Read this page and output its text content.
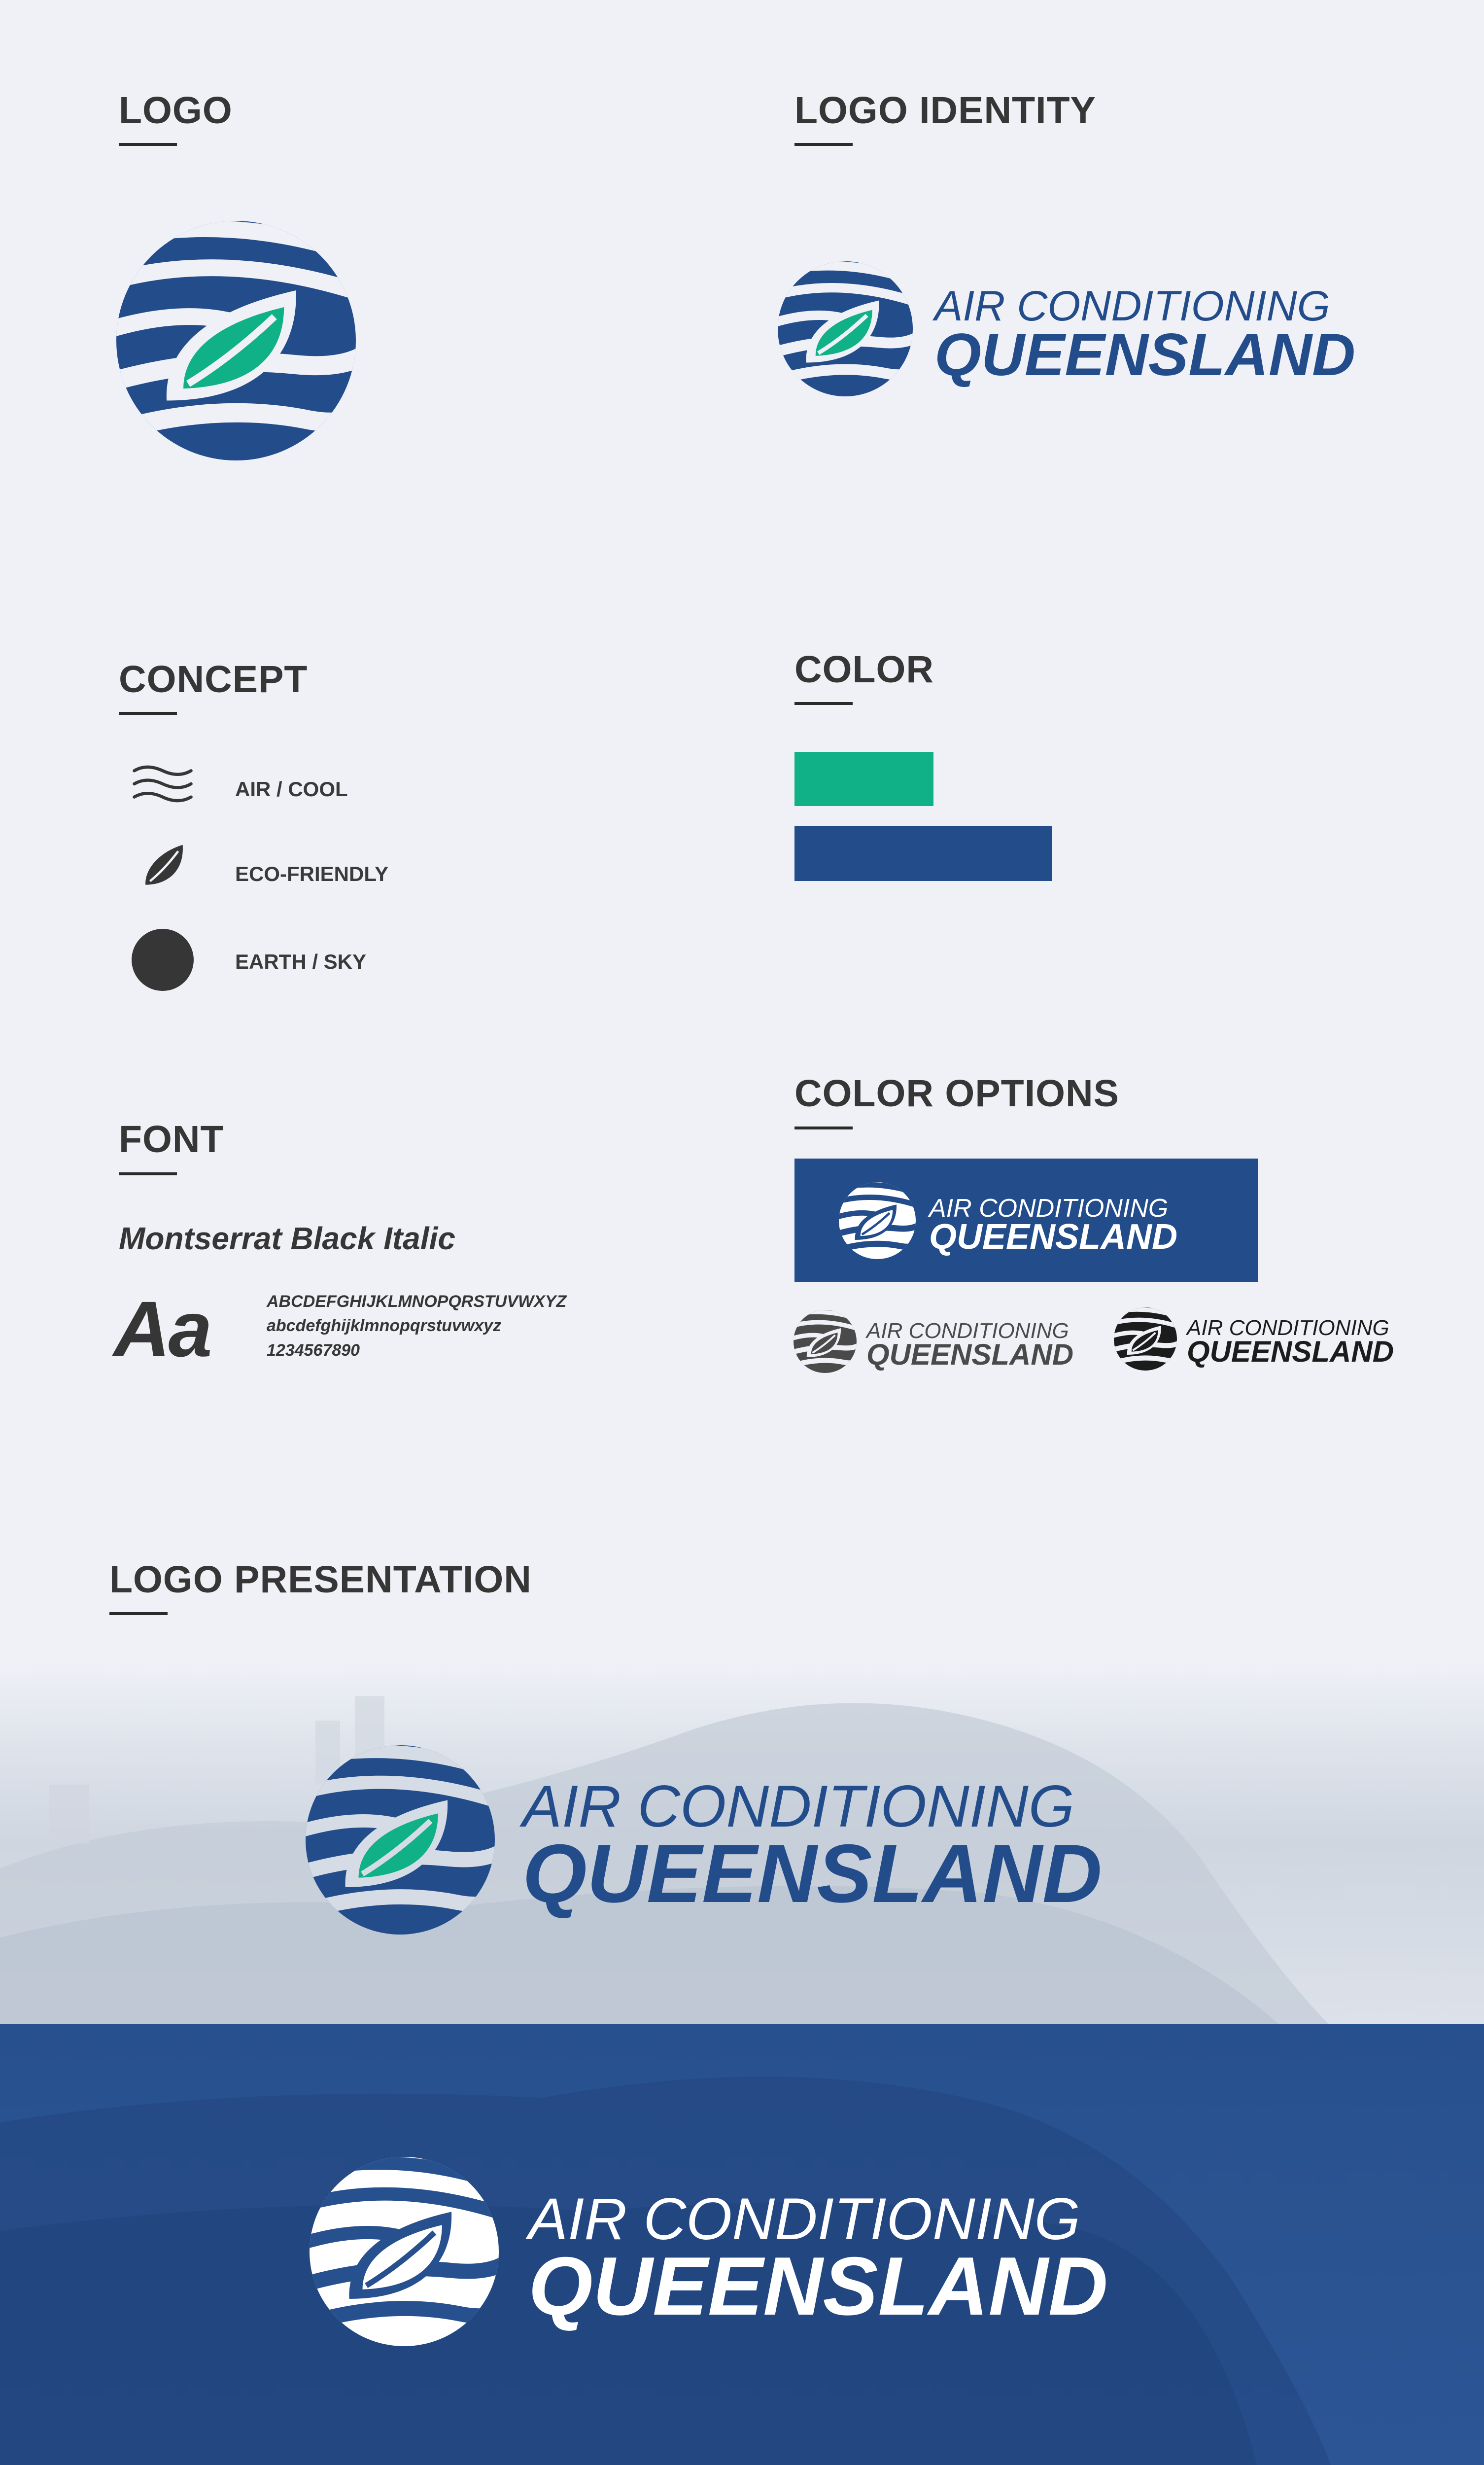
LOGO	LOGO IDENTITY
AIR CONDITIONING
QUEENSLAND
CONCEPT
AIR / COOL
ECO-FRIENDLY
EARTH / SKY
COLOR
FONT
Montserrat Black Italic
Aa	ABCDEFGHIJKLMNOPQRSTUVWXYZ
abcdefghijklmnopqrstuvwxyz
1234567890
COLOR OPTIONS
AIR CONDITIONING
QUEENSLAND
AIR CONDITIONING
QUEENSLAND
AIR CONDITIONING
QUEENSLAND
LOGO PRESENTATION
AIR CONDITIONING
QUEENSLAND
AIR CONDITIONING
QUEENSLAND
